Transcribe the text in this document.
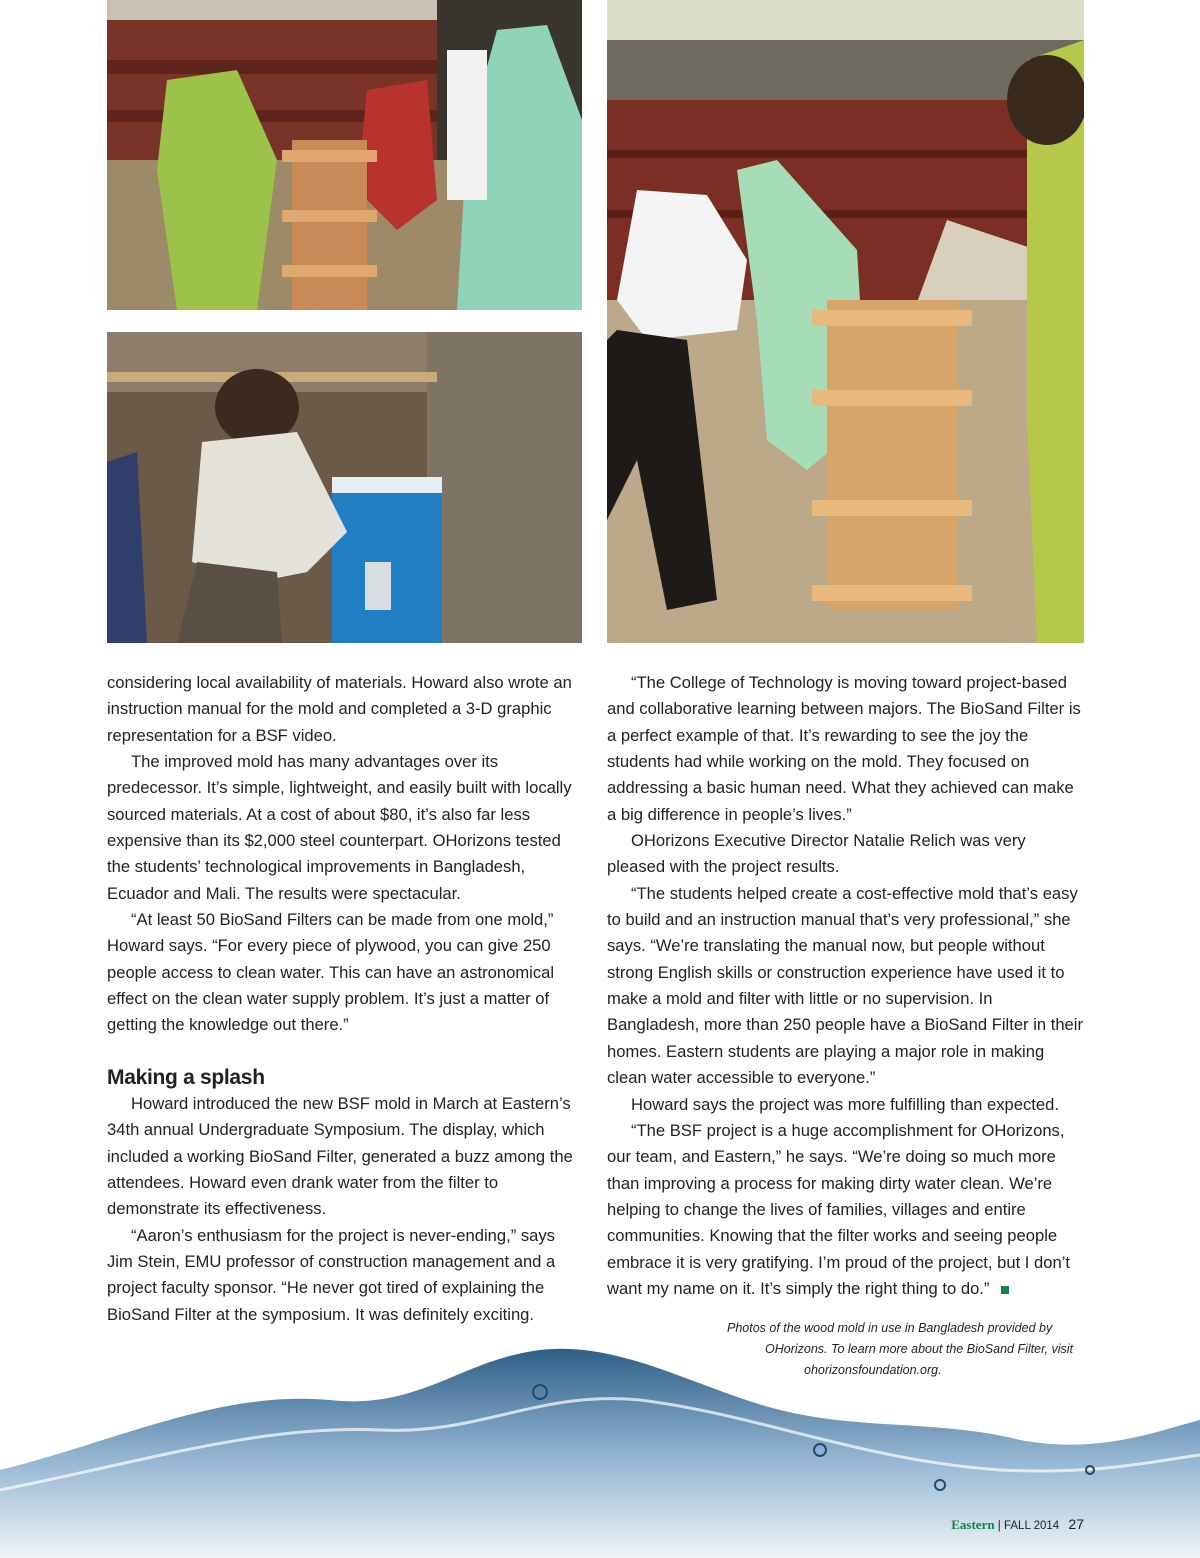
considering local availability of materials. Howard also wrote an instruction manual for the mold and completed a 3-D graphic representation for a BSF video.

The improved mold has many advantages over its predecessor. It’s simple, lightweight, and easily built with locally sourced materials. At a cost of about $80, it’s also far less expensive than its $2,000 steel counterpart. OHorizons tested the students’ technological improvements in Bangladesh, Ecuador and Mali. The results were spectacular.

“At least 50 BioSand Filters can be made from one mold,” Howard says. “For every piece of plywood, you can give 250 people access to clean water. This can have an astronomical effect on the clean water supply problem. It’s just a matter of getting the knowledge out there.”

Making a splash

Howard introduced the new BSF mold in March at Eastern’s 34th annual Undergraduate Symposium. The display, which included a working BioSand Filter, generated a buzz among the attendees. Howard even drank water from the filter to demonstrate its effectiveness.

“Aaron’s enthusiasm for the project is never-ending,” says Jim Stein, EMU professor of construction management and a project faculty sponsor. “He never got tired of explaining the BioSand Filter at the symposium. It was definitely exciting.

“The College of Technology is moving toward project-based and collaborative learning between majors. The BioSand Filter is a perfect example of that. It’s rewarding to see the joy the students had while working on the mold. They focused on addressing a basic human need. What they achieved can make a big difference in people’s lives.”

OHorizons Executive Director Natalie Relich was very pleased with the project results.

“The students helped create a cost-effective mold that’s easy to build and an instruction manual that’s very professional,” she says. “We’re translating the manual now, but people without strong English skills or construction experience have used it to make a mold and filter with little or no supervision. In Bangladesh, more than 250 people have a BioSand Filter in their homes. Eastern students are playing a major role in making clean water accessible to everyone.”

Howard says the project was more fulfilling than expected.

“The BSF project is a huge accomplishment for OHorizons, our team, and Eastern,” he says. “We’re doing so much more than improving a process for making dirty water clean. We’re helping to change the lives of families, villages and entire communities. Knowing that the filter works and seeing people embrace it is very gratifying. I’m proud of the project, but I don’t want my name on it. It’s simply the right thing to do.”

Photos of the wood mold in use in Bangladesh provided by
OHorizons. To learn more about the BioSand Filter, visit
ohorizonsfoundation.org.
Eastern | FALL 2014 27
